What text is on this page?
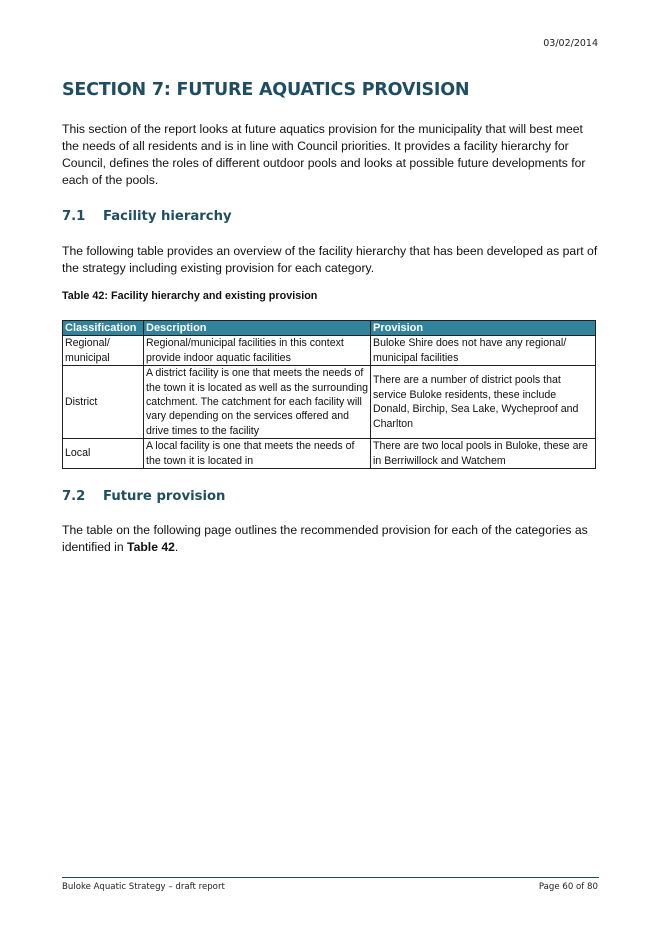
03/02/2014
SECTION 7: FUTURE AQUATICS PROVISION

This section of the report looks at future aquatics provision for the municipality that will best meet the needs of all residents and is in line with Council priorities. It provides a facility hierarchy for Council, defines the roles of different outdoor pools and looks at possible future developments for each of the pools.

7.1 Facility hierarchy

The following table provides an overview of the facility hierarchy that has been developed as part of the strategy including existing provision for each category.

Table 42: Facility hierarchy and existing provision

Classification	Description	Provision
Regional/ municipal	Regional/municipal facilities in this context provide indoor aquatic facilities	Buloke Shire does not have any regional/ municipal facilities
District	A district facility is one that meets the needs of the town it is located as well as the surrounding catchment. The catchment for each facility will vary depending on the services offered and drive times to the facility	There are a number of district pools that service Buloke residents, these include Donald, Birchip, Sea Lake, Wycheproof and Charlton
Local	A local facility is one that meets the needs of the town it is located in	There are two local pools in Buloke, these are in Berriwillock and Watchem
7.2 Future provision

The table on the following page outlines the recommended provision for each of the categories as identified in Table 42.

Buloke Aquatic Strategy – draft report	Page 60 of 80
